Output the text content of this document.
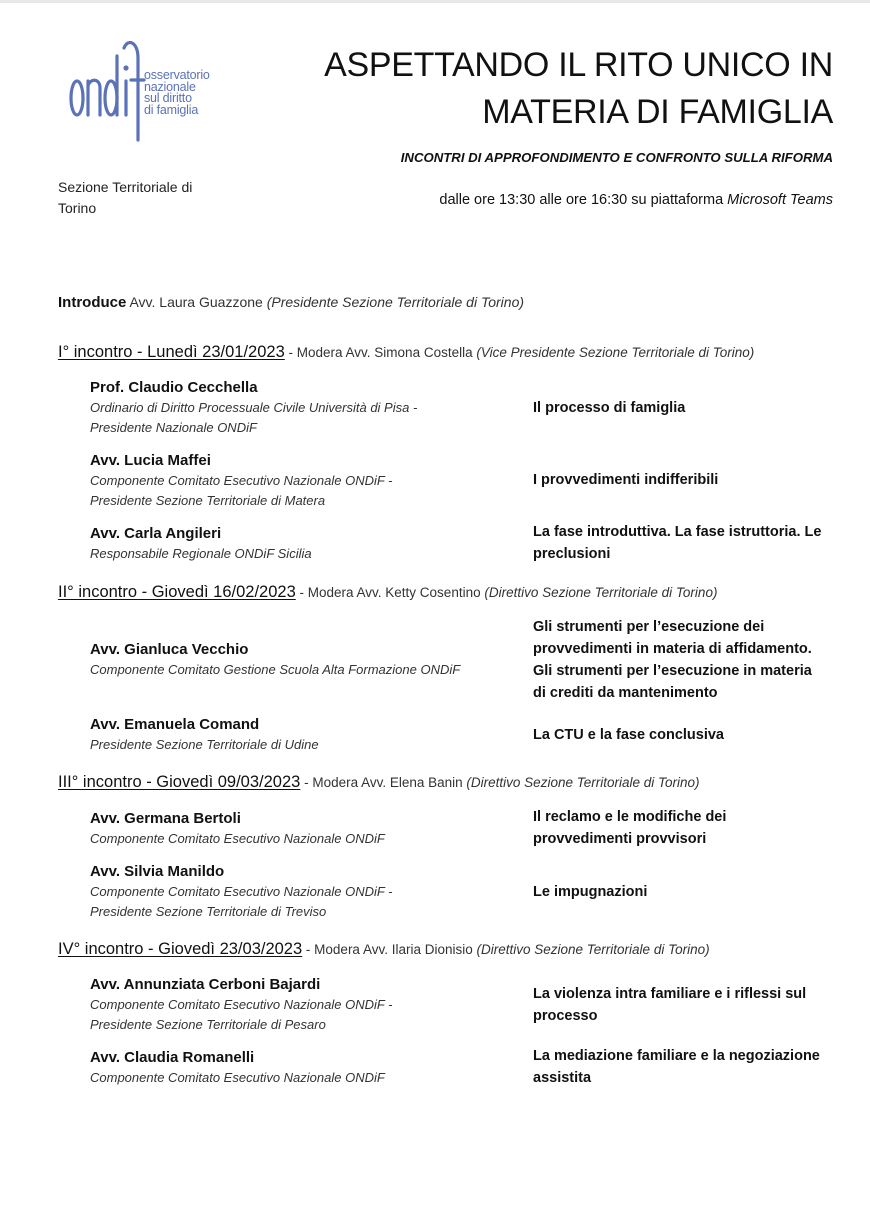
osservatorio
nazionale
sul diritto
di famiglia
Sezione Territoriale di Torino
ASPETTANDO IL RITO UNICO IN
MATERIA DI FAMIGLIA
INCONTRI DI APPROFONDIMENTO E CONFRONTO SULLA RIFORMA
dalle ore 13:30 alle ore 16:30 su piattaforma Microsoft Teams
Introduce Avv. Laura Guazzone (Presidente Sezione Territoriale di Torino)
I° incontro - Lunedì 23/01/2023 - Modera Avv. Simona Costella (Vice Presidente Sezione Territoriale di Torino)
Prof. Claudio Cecchella
Ordinario di Diritto Processuale Civile Università di Pisa -
Presidente Nazionale ONDiF
Il processo di famiglia
Avv. Lucia Maffei
Componente Comitato Esecutivo Nazionale ONDiF -
Presidente Sezione Territoriale di Matera
I provvedimenti indifferibili
Avv. Carla Angileri
Responsabile Regionale ONDiF Sicilia
La fase introduttiva. La fase istruttoria. Le
preclusioni
II° incontro - Giovedì 16/02/2023 - Modera Avv. Ketty Cosentino (Direttivo Sezione Territoriale di Torino)
Avv. Gianluca Vecchio
Componente Comitato Gestione Scuola Alta Formazione ONDiF
Gli strumenti per l’esecuzione dei
provvedimenti in materia di affidamento.
Gli strumenti per l’esecuzione in materia
di crediti da mantenimento
Avv. Emanuela Comand
Presidente Sezione Territoriale di Udine
La CTU e la fase conclusiva
III° incontro - Giovedì 09/03/2023 - Modera Avv. Elena Banin (Direttivo Sezione Territoriale di Torino)
Avv. Germana Bertoli
Componente Comitato Esecutivo Nazionale ONDiF
Il reclamo e le modifiche dei
provvedimenti provvisori
Avv. Silvia Manildo
Componente Comitato Esecutivo Nazionale ONDiF -
Presidente Sezione Territoriale di Treviso
Le impugnazioni
IV° incontro - Giovedì 23/03/2023 - Modera Avv. Ilaria Dionisio (Direttivo Sezione Territoriale di Torino)
Avv. Annunziata Cerboni Bajardi
Componente Comitato Esecutivo Nazionale ONDiF -
Presidente Sezione Territoriale di Pesaro
La violenza intra familiare e i riflessi sul
processo
Avv. Claudia Romanelli
Componente Comitato Esecutivo Nazionale ONDiF
La mediazione familiare e la negoziazione
assistita
